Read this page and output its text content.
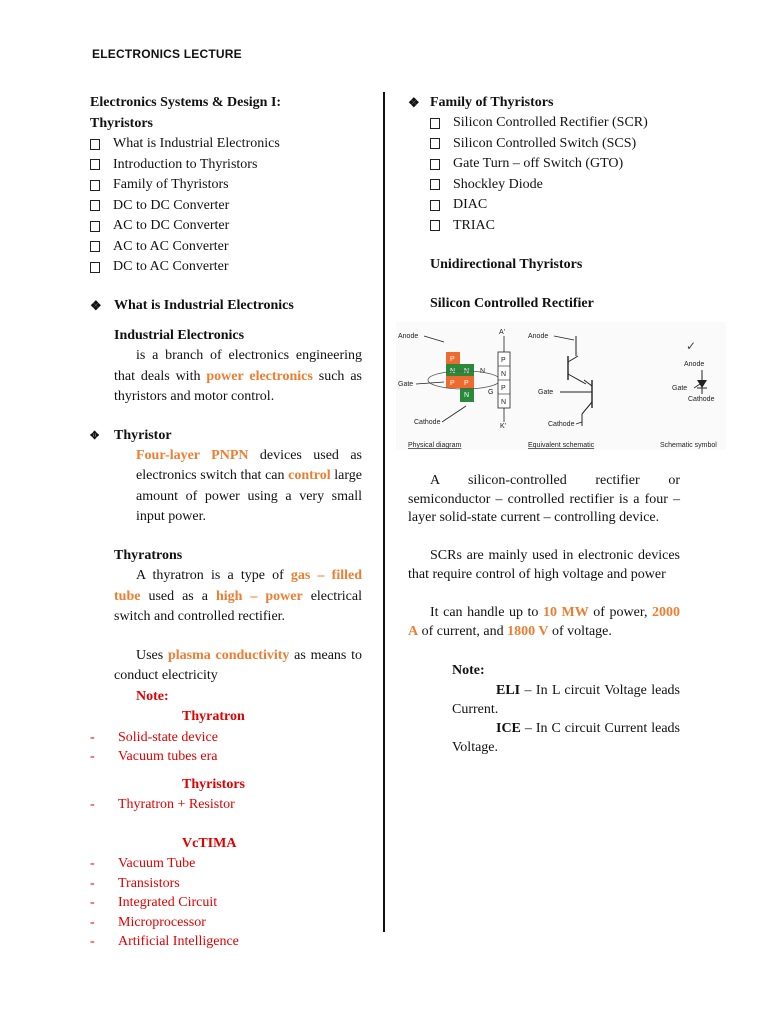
ELECTRONICS LECTURE
Electronics Systems & Design I:
Thyristors
What is Industrial Electronics
Introduction to Thyristors
Family of Thyristors
DC to DC Converter
AC to DC Converter
AC to AC Converter
DC to AC Converter
❖ What is Industrial Electronics
Industrial Electronics
is a branch of electronics engineering that deals with power electronics such as thyristors and motor control.
✥	Thyristor
Four-layer PNPN devices used as electronics switch that can control large amount of power using a very small input power.
Thyratrons
A thyratron is a type of gas – filled tube used as a high – power electrical switch and controlled rectifier.
Uses plasma conductivity as means to conduct electricity
Note:
Thyratron
-	Solid-state device
-	Vacuum tubes era
Thyristors
-	Thyratron + Resistor
VcTIMA
-	Vacuum Tube
-	Transistors
-	Integrated Circuit
-	Microprocessor
-	Artificial Intelligence
❖ Family of Thyristors
Silicon Controlled Rectifier (SCR)
Silicon Controlled Switch (SCS)
Gate Turn – off Switch (GTO)
Shockley Diode
DIAC
TRIAC
Unidirectional Thyristors
Silicon Controlled Rectifier
Anode
P
N
P
N
N
P
N
Gate
Cathode
A'
P
N
P
N
G
K'
Anode
Gate
Cathode
✓
Anode
Gate
Cathode
Physical diagram	Equivalent schematic	Schematic symbol
A silicon-controlled rectifier or semiconductor – controlled rectifier is a four – layer solid-state current – controlling device.
SCRs are mainly used in electronic devices that require control of high voltage and power
It can handle up to 10 MW of power, 2000 A of current, and 1800 V of voltage.
Note:
ELI – In L circuit Voltage leads Current.
ICE – In C circuit Current leads Voltage.
